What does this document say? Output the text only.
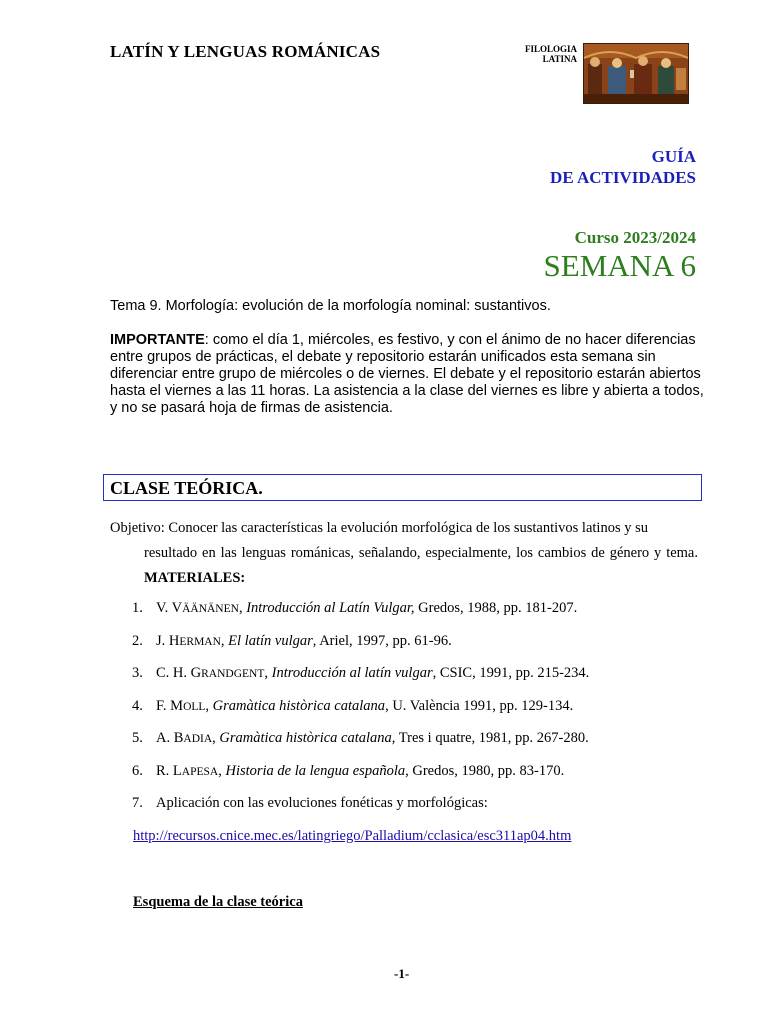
LATÍN Y LENGUAS ROMÁNICAS	FILOLOGIA
LATINA
GUÍA
DE ACTIVIDADES
Curso 2023/2024
SEMANA 6
Tema 9. Morfología: evolución de la morfología nominal: sustantivos.
IMPORTANTE: como el día 1, miércoles, es festivo, y con el ánimo de no hacer diferencias entre grupos de prácticas, el debate y repositorio estarán unificados esta semana sin diferenciar entre grupo de miércoles o de viernes. El debate y el repositorio estarán abiertos hasta el viernes a las 11 horas. La asistencia a la clase del viernes es libre y abierta a todos, y no se pasará hoja de firmas de asistencia.
CLASE TEÓRICA.
Objetivo: Conocer las características la evolución morfológica de los sustantivos latinos y su
resultado en las lenguas románicas, señalando, especialmente, los cambios de género y tema. MATERIALES:
1. V. VÄÄNÄNEN, Introducción al Latín Vulgar, Gredos, 1988, pp. 181-207.
2. J. HERMAN, El latín vulgar, Ariel, 1997, pp. 61-96.
3. C. H. GRANDGENT, Introducción al latín vulgar, CSIC, 1991, pp. 215-234.
4. F. MOLL, Gramàtica històrica catalana, U. València 1991, pp. 129-134.
5. A. BADIA, Gramàtica històrica catalana, Tres i quatre, 1981, pp. 267-280.
6. R. LAPESA, Historia de la lengua española, Gredos, 1980, pp. 83-170.
7. Aplicación con las evoluciones fonéticas y morfológicas:
http://recursos.cnice.mec.es/latingriego/Palladium/cclasica/esc311ap04.htm
Esquema de la clase teórica
-1-
